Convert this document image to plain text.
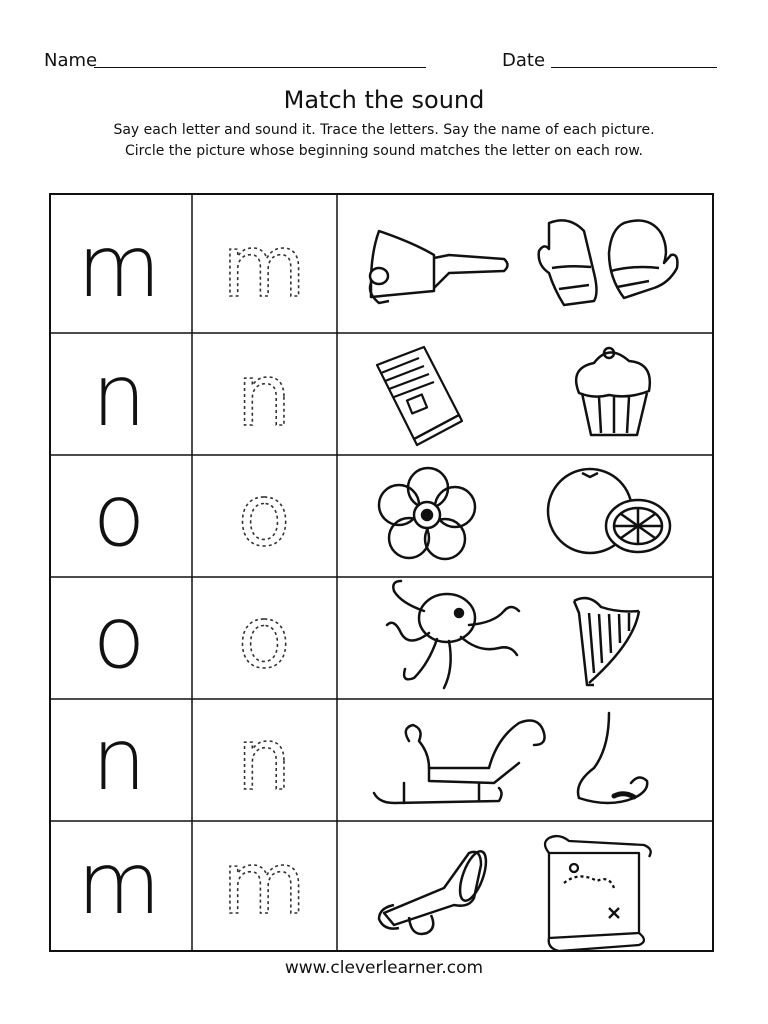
Name	Date
Match the sound
Say each letter and sound it. Trace the letters. Say the name of each picture.
Circle the picture whose beginning sound matches the letter on each row.
m m
n n
o o
o o
n n
m m
www.cleverlearner.com
